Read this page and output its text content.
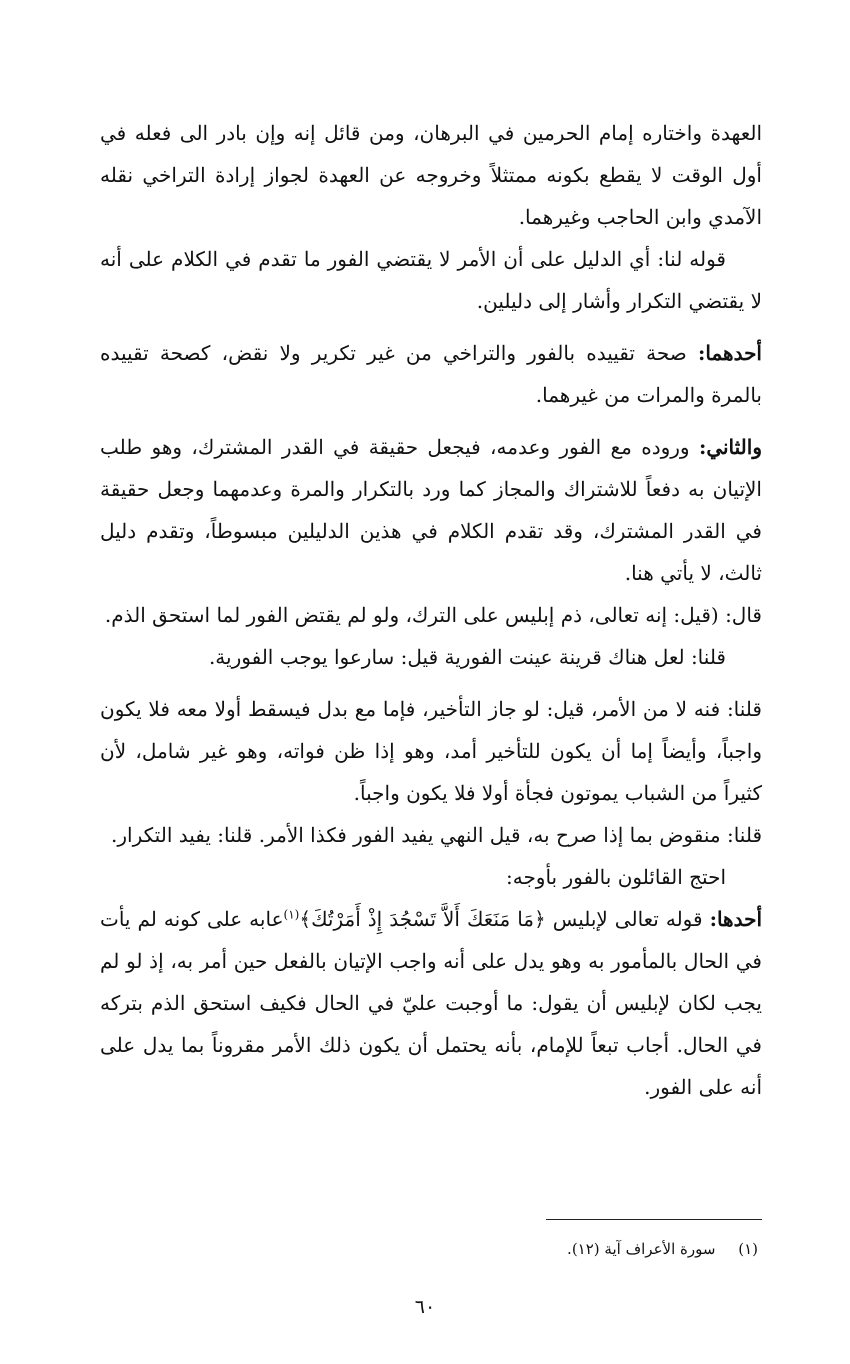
العهدة واختاره إمام الحرمين في البرهان، ومن قائل إنه وإن بادر الى فعله في أول الوقت لا يقطع بكونه ممتثلاً وخروجه عن العهدة لجواز إرادة التراخي نقله الآمدي وابن الحاجب وغيرهما.

قوله لنا: أي الدليل على أن الأمر لا يقتضي الفور ما تقدم في الكلام على أنه لا يقتضي التكرار وأشار إلى دليلين.

أحدهما: صحة تقييده بالفور والتراخي من غير تكرير ولا نقض، كصحة تقييده بالمرة والمرات من غيرهما.

والثاني: وروده مع الفور وعدمه، فيجعل حقيقة في القدر المشترك، وهو طلب الإتيان به دفعاً للاشتراك والمجاز كما ورد بالتكرار والمرة وعدمهما وجعل حقيقة في القدر المشترك، وقد تقدم الكلام في هذين الدليلين مبسوطاً، وتقدم دليل ثالث، لا يأتي هنا.

قال: (قيل: إنه تعالى، ذم إبليس على الترك، ولو لم يقتض الفور لما استحق الذم.

قلنا: لعل هناك قرينة عينت الفورية قيل: سارعوا يوجب الفورية.

قلنا: فنه لا من الأمر، قيل: لو جاز التأخير، فإما مع بدل فيسقط أولا معه فلا يكون واجباً، وأيضاً إما أن يكون للتأخير أمد، وهو إذا ظن فواته، وهو غير شامل، لأن كثيراً من الشباب يموتون فجأة أولا فلا يكون واجباً.

قلنا: منقوض بما إذا صرح به، قيل النهي يفيد الفور فكذا الأمر. قلنا: يفيد التكرار.

احتج القائلون بالفور بأوجه:

أحدها: قوله تعالى لإبليس ﴿مَا مَنَعَكَ أَلاَّ تَسْجُدَ إِذْ أَمَرْتُكَ﴾$^{(١)}$عابه على كونه لم يأت في الحال بالمأمور به وهو يدل على أنه واجب الإتيان بالفعل حين أمر به، إذ لو لم يجب لكان لإبليس أن يقول: ما أوجبت عليّ في الحال فكيف استحق الذم بتركه في الحال. أجاب تبعاً للإمام، بأنه يحتمل أن يكون ذلك الأمر مقروناً بما يدل على أنه على الفور.

(١) سورة الأعراف آية (١٢).
٦٠
